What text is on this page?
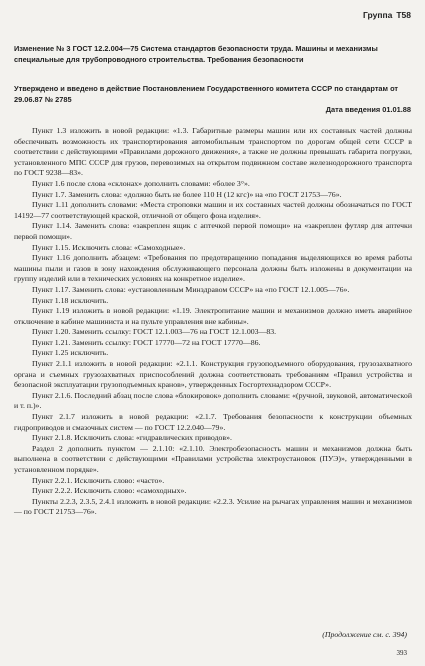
Группа Т58
Изменение № 3 ГОСТ 12.2.004—75 Система стандартов безопасности труда. Машины и механизмы специальные для трубопроводного строительства. Требования безопасности
Утверждено и введено в действие Постановлением Государственного комитета СССР по стандартам от 29.06.87 № 2785
Дата введения 01.01.88

Пункт 1.3 изложить в новой редакции: «1.3. Габаритные размеры машин или их составных частей должны обеспечивать возможность их транспортирования автомобильным транспортом по дорогам общей сети СССР в соответствии с действующими «Правилами дорожного движения», а также не должны превышать габарита погрузки, установленного МПС СССР для грузов, перевозимых на открытом подвижном составе железнодорожного транспорта по ГОСТ 9238—83».

Пункт 1.6 после слова «склонах» дополнить словами: «более 3°».

Пункт 1.7. Заменить слова: «должно быть не более 110 Н (12 кгс)» на «по ГОСТ 21753—76».

Пункт 1.11 дополнить словами: «Места строповки машин и их составных частей должны обозначаться по ГОСТ 14192—77 соответствующей краской, отличной от общего фона изделия».

Пункт 1.14. Заменить слова: «закреплен ящик с аптечкой первой помощи» на «закреплен футляр для аптечки первой помощи».

Пункт 1.15. Исключить слова: «Самоходные».

Пункт 1.16 дополнить абзацем: «Требования по предотвращению попадания выделяющихся во время работы машины пыли и газов в зону нахождения обслуживающего персонала должны быть изложены в документации на группу изделий или в технических условиях на конкретное изделие».

Пункт 1.17. Заменить слова: «установленным Минздравом СССР» на «по ГОСТ 12.1.005—76».

Пункт 1.18 исключить.

Пункт 1.19 изложить в новой редакции: «1.19. Электропитание машин и механизмов должно иметь аварийное отключение в кабине машиниста и на пульте управления вне кабины».

Пункт 1.20. Заменить ссылку: ГОСТ 12.1.003—76 на ГОСТ 12.1.003—83.

Пункт 1.21. Заменить ссылку: ГОСТ 17770—72 на ГОСТ 17770—86.

Пункт 1.25 исключить.

Пункт 2.1.1 изложить в новой редакции: «2.1.1. Конструкция грузоподъемного оборудования, грузозахватного органа и съемных грузозахватных приспособлений должна соответствовать требованиям «Правил устройства и безопасной эксплуатации грузоподъемных кранов», утвержденных Госгортехнадзором СССР».

Пункт 2.1.6. Последний абзац после слова «блокировок» дополнить словами: «(ручной, звуковой, автоматической и т. п.)».

Пункт 2.1.7 изложить в новой редакции: «2.1.7. Требования безопасности к конструкции объемных гидроприводов и смазочных систем — по ГОСТ 12.2.040—79».

Пункт 2.1.8. Исключить слова: «гидравлических приводов».

Раздел 2 дополнить пунктом — 2.1.10: «2.1.10. Электробезопасность машин и механизмов должна быть выполнена в соответствии с действующими «Правилами устройства электроустановок (ПУЭ)», утвержденными в установленном порядке».

Пункт 2.2.1. Исключить слово: «часто».

Пункт 2.2.2. Исключить слово: «самоходных».

Пункты 2.2.3, 2.3.5, 2.4.1 изложить в новой редакции: «2.2.3. Усилие на рычагах управления машин и механизмов — по ГОСТ 21753—76».

(Продолжение см. с. 394)
393
